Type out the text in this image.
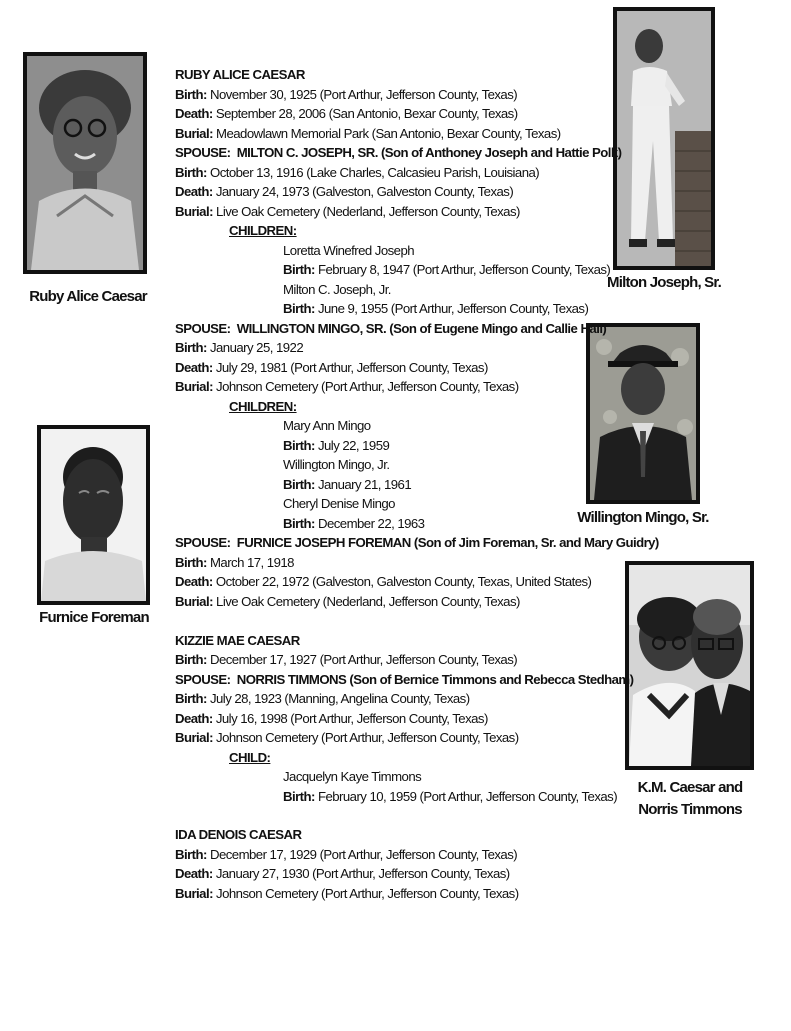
Ruby Alice Caesar
Milton Joseph, Sr.
Willington Mingo, Sr.
Furnice Foreman
K.M. Caesar and
Norris Timmons
RUBY ALICE CAESAR
Birth: November 30, 1925 (Port Arthur, Jefferson County, Texas)
Death: September 28, 2006 (San Antonio, Bexar County, Texas)
Burial: Meadowlawn Memorial Park (San Antonio, Bexar County, Texas)
SPOUSE: MILTON C. JOSEPH, SR. (Son of Anthoney Joseph and Hattie Polk)
Birth: October 13, 1916 (Lake Charles, Calcasieu Parish, Louisiana)
Death: January 24, 1973 (Galveston, Galveston County, Texas)
Burial: Live Oak Cemetery (Nederland, Jefferson County, Texas)
CHILDREN:
Loretta Winefred Joseph
Birth: February 8, 1947 (Port Arthur, Jefferson County, Texas)
Milton C. Joseph, Jr.
Birth: June 9, 1955 (Port Arthur, Jefferson County, Texas)
SPOUSE: WILLINGTON MINGO, SR. (Son of Eugene Mingo and Callie Hall)
Birth: January 25, 1922
Death: July 29, 1981 (Port Arthur, Jefferson County, Texas)
Burial: Johnson Cemetery (Port Arthur, Jefferson County, Texas)
CHILDREN:
Mary Ann Mingo
Birth: July 22, 1959
Willington Mingo, Jr.
Birth: January 21, 1961
Cheryl Denise Mingo
Birth: December 22, 1963
SPOUSE: FURNICE JOSEPH FOREMAN (Son of Jim Foreman, Sr. and Mary Guidry)
Birth: March 17, 1918
Death: October 22, 1972 (Galveston, Galveston County, Texas, United States)
Burial: Live Oak Cemetery (Nederland, Jefferson County, Texas)
KIZZIE MAE CAESAR
Birth: December 17, 1927 (Port Arthur, Jefferson County, Texas)
SPOUSE: NORRIS TIMMONS (Son of Bernice Timmons and Rebecca Stedham)
Birth: July 28, 1923 (Manning, Angelina County, Texas)
Death: July 16, 1998 (Port Arthur, Jefferson County, Texas)
Burial: Johnson Cemetery (Port Arthur, Jefferson County, Texas)
CHILD:
Jacquelyn Kaye Timmons
Birth: February 10, 1959 (Port Arthur, Jefferson County, Texas)
IDA DENOIS CAESAR
Birth: December 17, 1929 (Port Arthur, Jefferson County, Texas)
Death: January 27, 1930 (Port Arthur, Jefferson County, Texas)
Burial: Johnson Cemetery (Port Arthur, Jefferson County, Texas)
